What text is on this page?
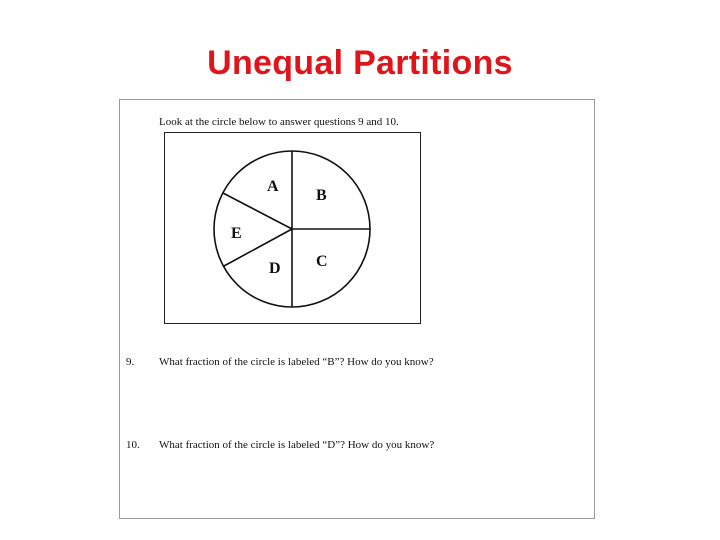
Unequal Partitions
Look at the circle below to answer questions 9 and 10.
A
B
C
D
E
9. What fraction of the circle is labeled “B”? How do you know?
10. What fraction of the circle is labeled “D”? How do you know?
